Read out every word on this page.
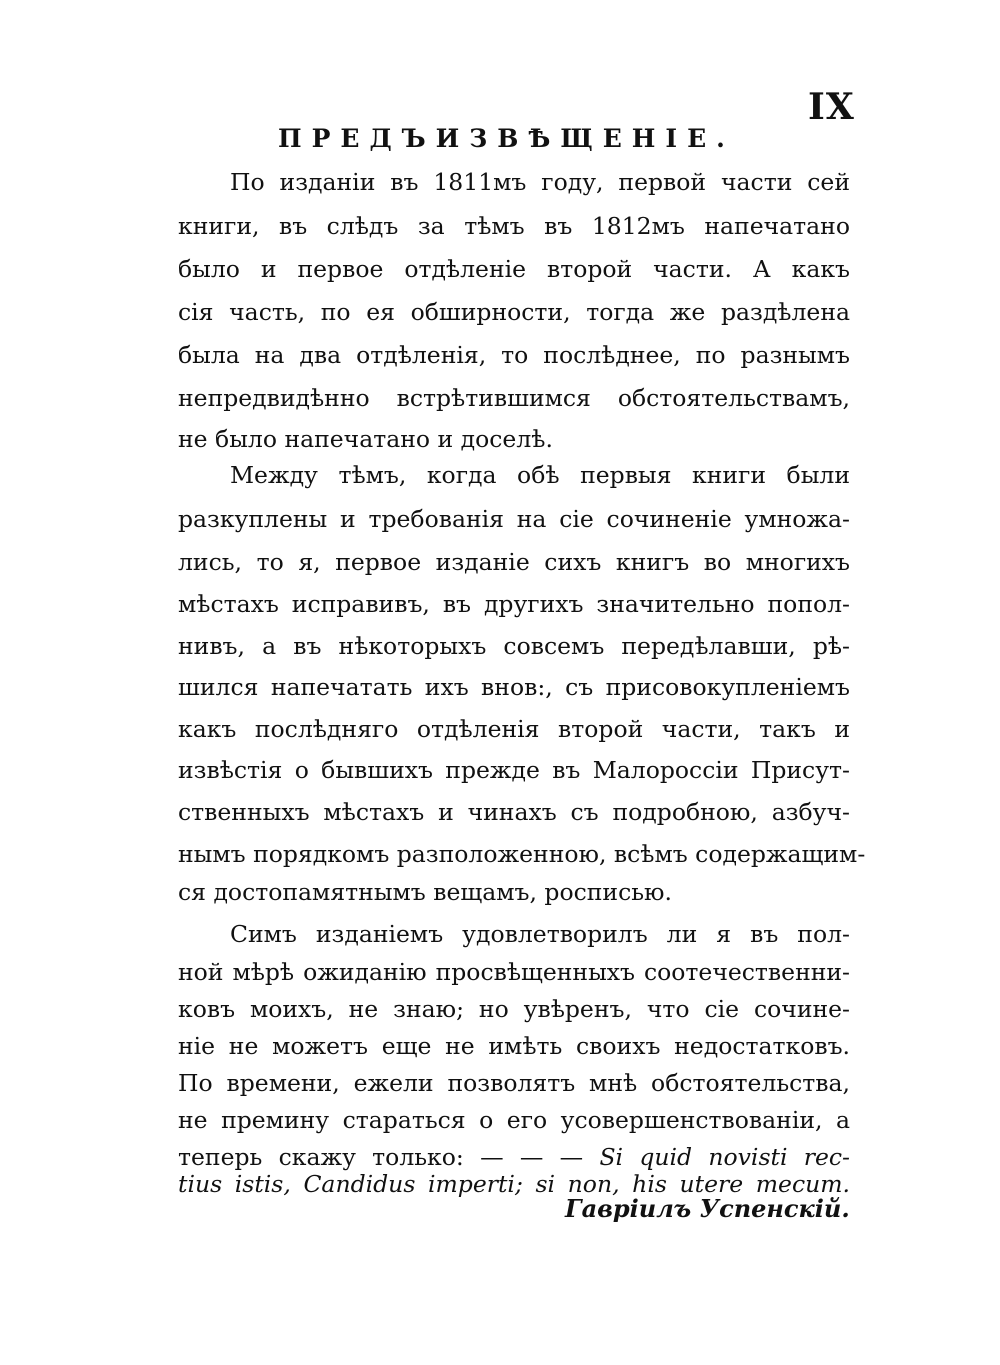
IX
ПРЕДЪИЗВѢЩЕНІЕ.
По изданіи въ 1811мъ году, первой части сей
книги, въ слѣдъ за тѣмъ въ 1812мъ напечатано
было и первое отдѣленіе второй части. А какъ
сія часть, по ея обширности, тогда же раздѣлена
была на два отдѣленія, то послѣднее, по разнымъ
непредвидѣнно встрѣтившимся обстоятельствамъ,
не было напечатано и доселѣ.
Между тѣмъ, когда обѣ первыя книги были
разкуплены и требованія на сіе сочиненіе умножа-
лись, то я, первое изданіе сихъ книгъ во многихъ
мѣстахъ исправивъ, въ другихъ значительно попол-
нивъ, а въ нѣкоторыхъ совсемъ передѣлавши, рѣ-
шился напечатать ихъ внов:, съ присовокупленіемъ
какъ послѣдняго отдѣленія второй части, такъ и
извѣстія о бывшихъ прежде въ Малороссіи Присут-
ственныхъ мѣстахъ и чинахъ съ подробною, азбуч-
нымъ порядкомъ разположенною, всѣмъ содержащим-
ся достопамятнымъ вещамъ, росписью.
Симъ изданіемъ удовлетворилъ ли я въ пол-
ной мѣрѣ ожиданію просвѣщенныхъ соотечественни-
ковъ моихъ, не знаю; но увѣренъ, что сіе сочине-
ніе не можетъ еще не имѣть своихъ недостатковъ.
По времени, ежели позволятъ мнѣ обстоятельства,
не премину стараться о его усовершенствованіи, а
теперь скажу только: — — — Si quid novisti rec-
tius istis, Candidus imperti; si non, his utere mecum.
Гавріилъ Успенскій.
